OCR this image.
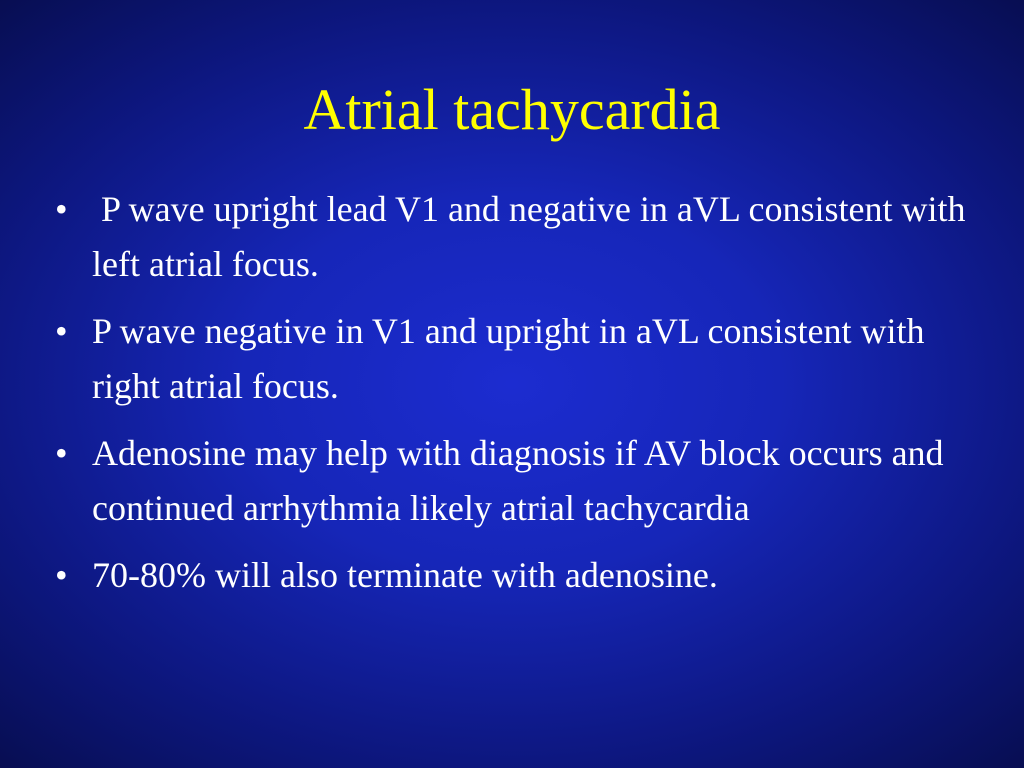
Atrial tachycardia
• P wave upright lead V1 and negative in aVL consistent with left atrial focus.
• P wave negative in V1 and upright in aVL consistent with right atrial focus.
• Adenosine may help with diagnosis if AV block occurs and continued arrhythmia likely atrial tachycardia
• 70-80% will also terminate with adenosine.
